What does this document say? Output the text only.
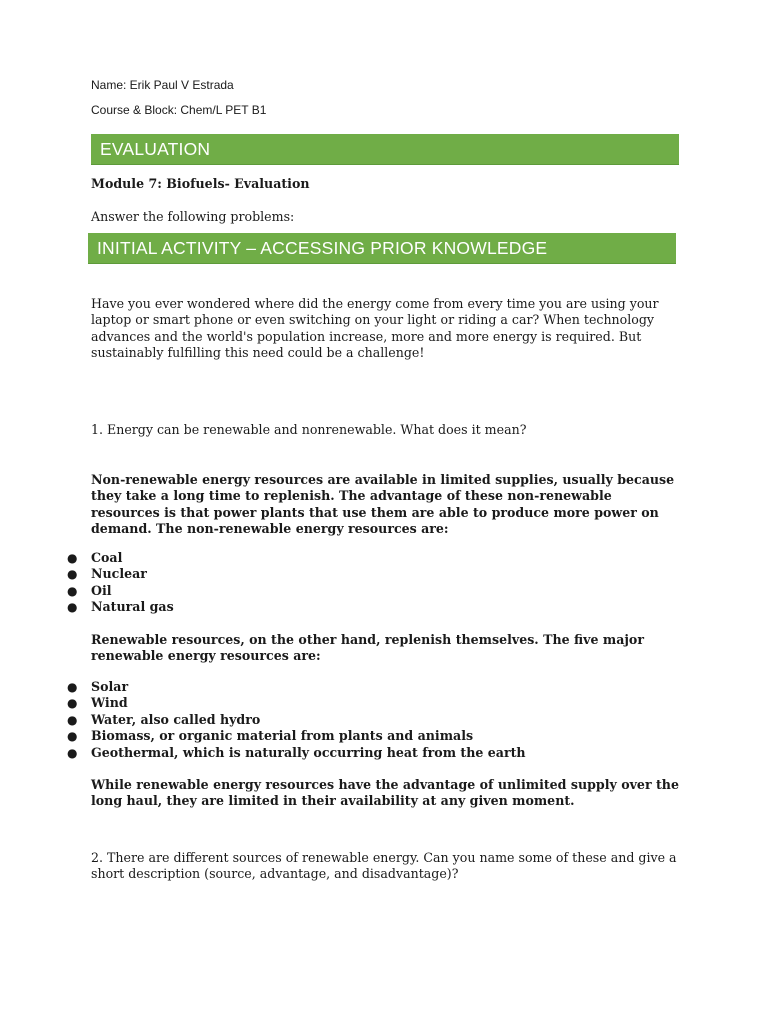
Name: Erik Paul V Estrada
Course & Block: Chem/L PET B1
EVALUATION
Module 7: Biofuels- Evaluation
Answer the following problems:
INITIAL ACTIVITY – ACCESSING PRIOR KNOWLEDGE
Have you ever wondered where did the energy come from every time you are using your laptop or smart phone or even switching on your light or riding a car? When technology advances and the world's population increase, more and more energy is required. But sustainably fulfilling this need could be a challenge!
1. Energy can be renewable and nonrenewable. What does it mean?
Non-renewable energy resources are available in limited supplies, usually because they take a long time to replenish. The advantage of these non-renewable resources is that power plants that use them are able to produce more power on demand. The non-renewable energy resources are:
● Coal
● Nuclear
● Oil
● Natural gas
Renewable resources, on the other hand, replenish themselves. The five major renewable energy resources are:
● Solar
● Wind
● Water, also called hydro
● Biomass, or organic material from plants and animals
● Geothermal, which is naturally occurring heat from the earth
While renewable energy resources have the advantage of unlimited supply over the long haul, they are limited in their availability at any given moment.
2. There are different sources of renewable energy. Can you name some of these and give a short description (source, advantage, and disadvantage)?
